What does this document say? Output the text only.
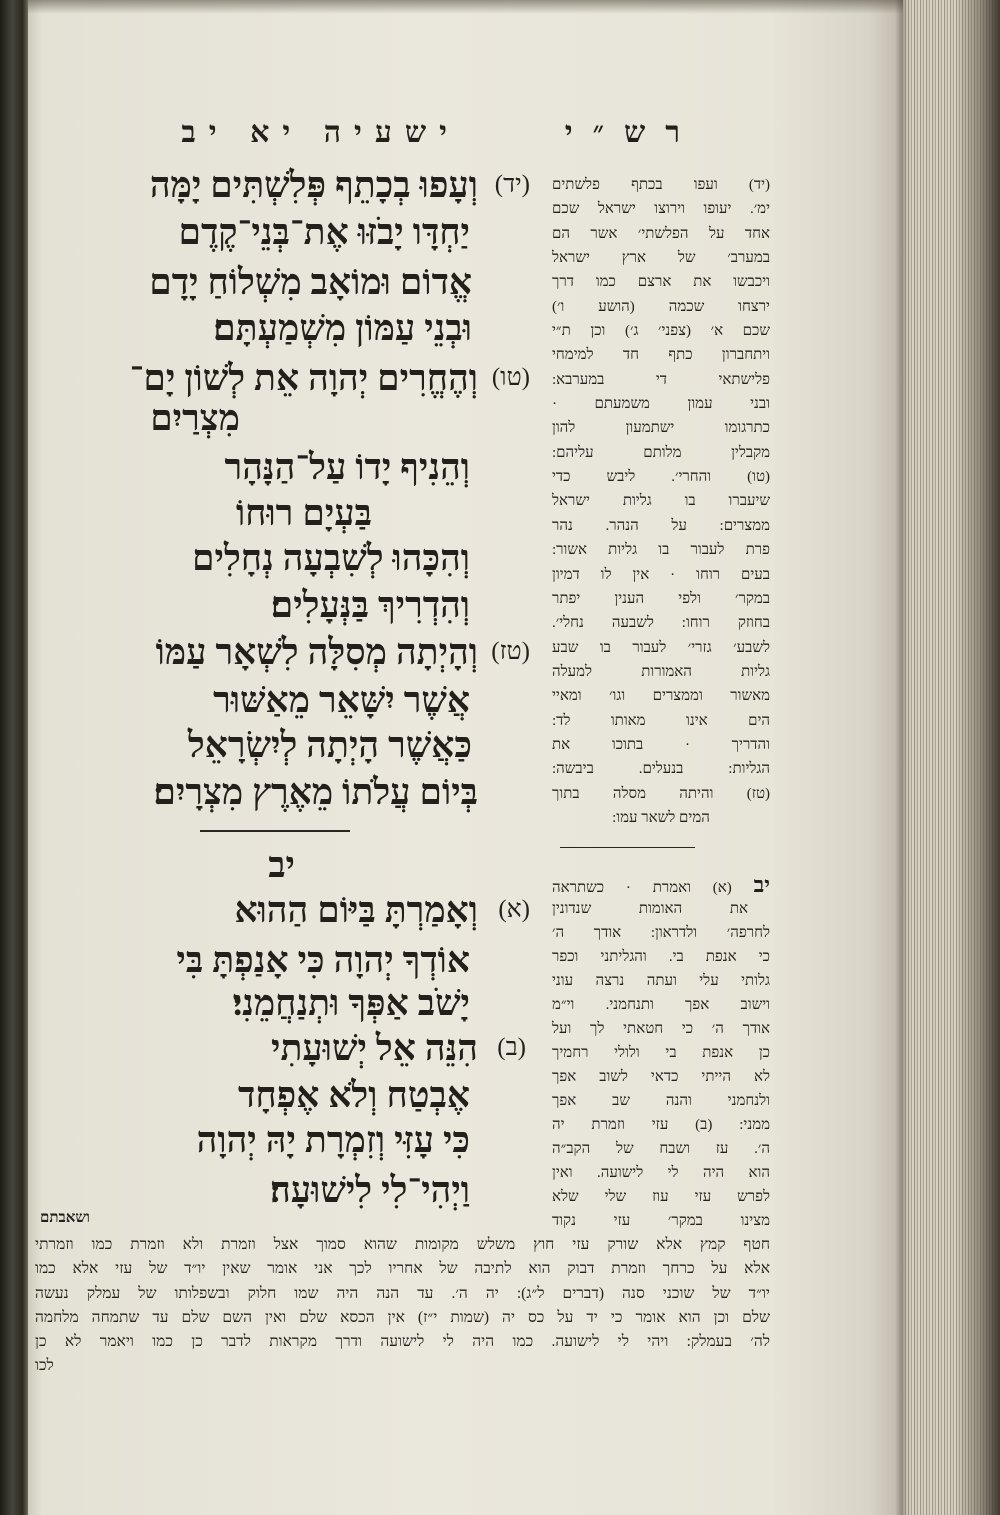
ישעיה יא יב	רש״י
(יד)
וְעָפוּ בְכָתֵף פְּלִשְׁתִּים יָמָּה
יַחְדָּו יָבֹזּוּ אֶת־בְּנֵי־קֶדֶם
אֱדוֹם וּמוֹאָב מִשְׁלוֹחַ יָדָם
וּבְנֵי עַמּוֹן מִשְׁמַעְתָּם׃
(טו)
וְהֶחֱרִים יְהוָה אֵת לְשׁוֹן יָם־
מִצְרַיִם
וְהֵנִיף יָדוֹ עַל־הַנָּהָר
בַּעְיָם רוּחוֹ
וְהִכָּהוּ לְשִׁבְעָה נְחָלִים
וְהִדְרִיךְ בַּנְּעָלִים׃
(טז)
וְהָיְתָה מְסִלָּה לִשְׁאָר עַמּוֹ
אֲשֶׁר יִשָּׁאֵר מֵאַשּׁוּר
כַּאֲשֶׁר הָיְתָה לְיִשְׂרָאֵל
בְּיוֹם עֲלֹתוֹ מֵאֶרֶץ מִצְרָיִם׃
יב
(א)
וְאָמַרְתָּ בַּיּוֹם הַהוּא
אוֹדְךָ יְהוָה כִּי אָנַפְתָּ בִּי
יָשֹׁב אַפְּךָ וּתְנַחֲמֵנִי׃
(ב)
הִנֵּה אֵל יְשׁוּעָתִי
אֶבְטַח וְלֹא אֶפְחָד
כִּי עָזִּי וְזִמְרָת יָהּ יְהוָה
וַיְהִי־לִי לִישׁוּעָה׃
(יד) ועפו בכתף פלשתים
ימ׳. יעופו וירוצו ישראל שכם
אחד על הפלשתי׳ אשר הם
במערב׳ של ארץ ישראל
ויכבשו את ארצם כמו דרך
ירצחו שכמה (הושע ו׳)
שכם א׳ (צפני׳ ג׳) וכן ת״י
ויתחברון כתף חד למימחי
פלישתאי די במערבא:
ובני עמון משמעתם ·
כתרגומו ישתמעון להון
מקבלין מלותם עליהם:
(טו) והחרי׳. ליבש כדי
שיעברו בו גליות ישראל
ממצרים: על הנהר. נהר
פרת לעבור בו גליות אשור:
בעים רוחו · אין לו דמיון
במקר׳ ולפי הענין יפתר
בחוזק רוחו: לשבעה נחלי׳.
לשבע׳ גזרי׳ לעבור בו שבע
גליות האמורות למעלה
מאשור וממצרים וגו׳ ומאיי
הים אינו מאותו לד:
והדריך · בתוכו את
הגליות: בנעלים. ביבשה:
(טז) והיתה מסלה בתוך
המים לשאר עמו:
יב (א) ואמרת · כשתראה
את האומות שנדונין
לחרפה׳ ולדראון: אודך ה׳
כי אנפת בי. והגליתני וכפר
גלותי עלי ועתה נרצה עוני
וישוב אפך ותנחמני. וי״מ
אודך ה׳ כי חטאתי לך ועל
כן אנפת בי ולולי רחמיך
לא הייתי כדאי לשוב אפך
ולנחמני והנה שב אפך
ממני: (ב) עזי וזמרת יה
ה׳. עז ושבח של הקב״ה
הוא היה לי לישועה. ואין
לפרש עזי עוז שלי שלא
מצינו במקר׳ עזי נקוד
ושאבתם
חטף קמץ אלא שורק עזי חוץ משלש מקומות שהוא סמוך אצל וזמרת ולא וזמרת כמו וזמרתי
אלא על כרחך וזמרת דבוק הוא לתיבה של אחריו לכך אני אומר שאין יו״ד של עזי אלא כמו
יו״ד של שוכני סנה (דברים ל״ג): יה ה׳. עד הנה היה שמו חלוק ובשפלותו של עמלק נעשה
שלם וכן הוא אומר כי יד על כס יה (שמות י״ז) אין הכסא שלם ואין השם שלם עד שתמחה מלחמה
לה׳ בעמלק: ויהי לי לישועה. כמו היה לי לישועה ודרך מקראות לדבר כן כמו ויאמר לא כן
לכו
